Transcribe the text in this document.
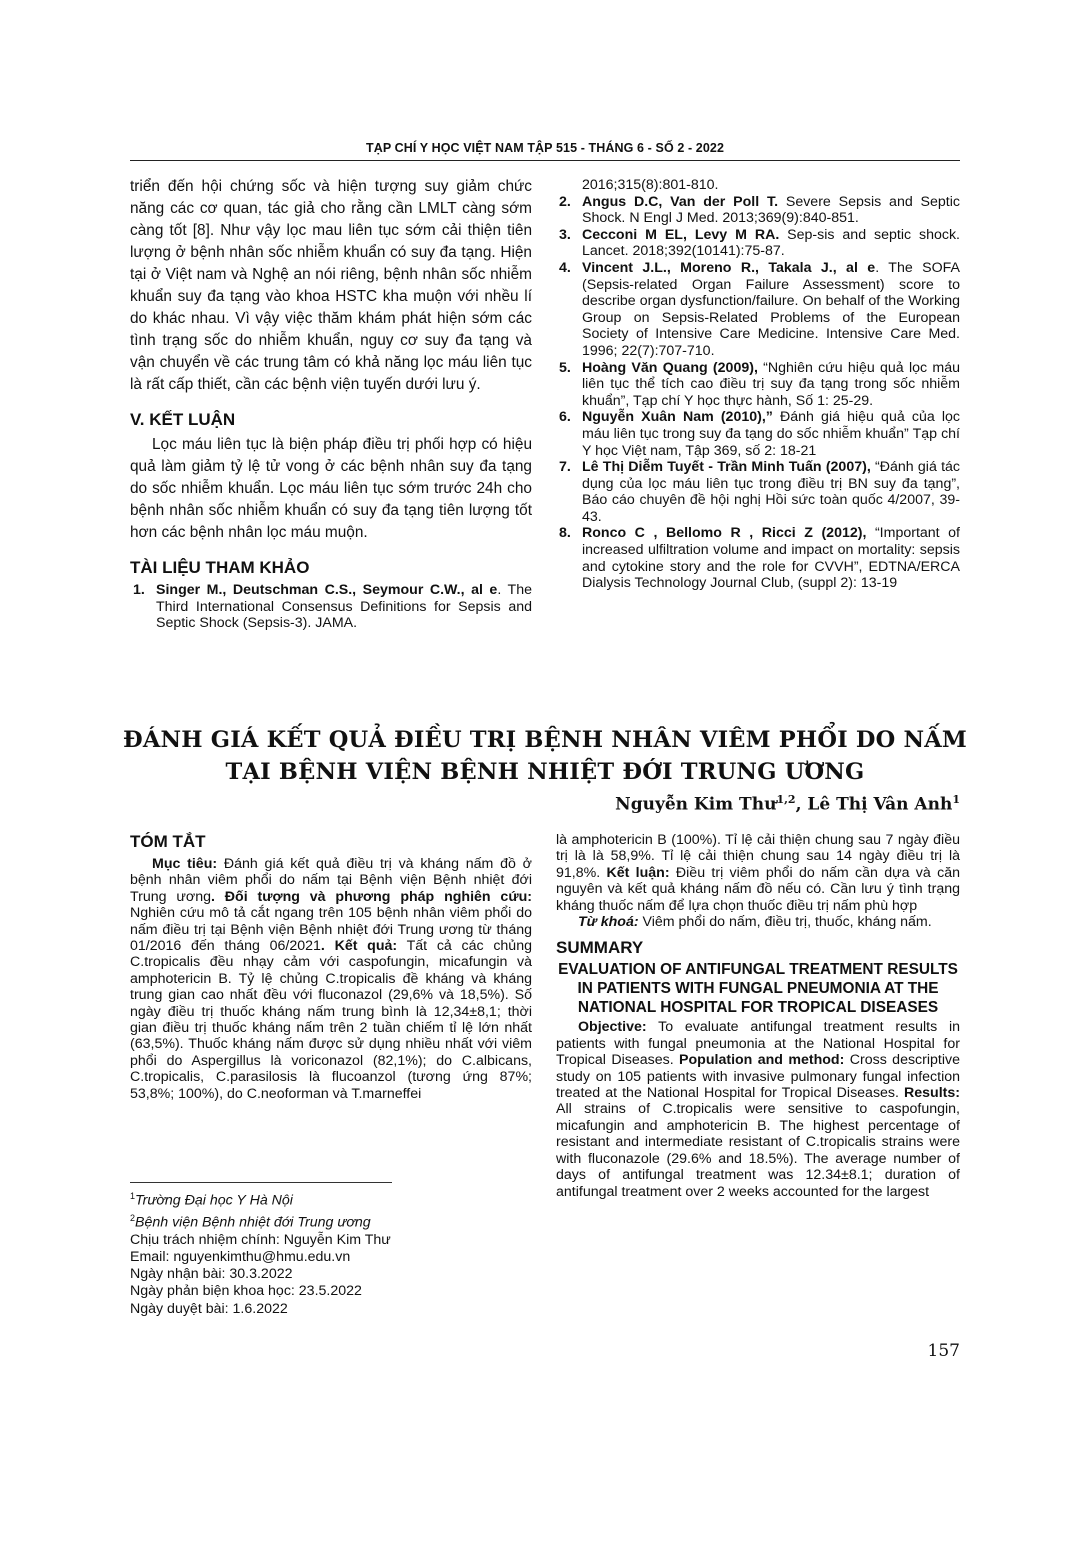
TẠP CHÍ Y HỌC VIỆT NAM TẬP 515 - THÁNG 6 - SỐ 2 - 2022

triển đến hội chứng sốc và hiện tượng suy giảm chức năng các cơ quan, tác giả cho rằng cần LMLT càng sớm càng tốt [8]. Như vậy lọc mau liên tục sớm cải thiện tiên lượng ở bệnh nhân sốc nhiễm khuẩn có suy đa tạng. Hiện tại ở Việt nam và Nghệ an nói riêng, bệnh nhân sốc nhiễm khuẩn suy đa tạng vào khoa HSTC kha muộn với nhều lí do khác nhau. Vì vậy việc thăm khám phát hiện sớm các tình trạng sốc do nhiễm khuẩn, nguy cơ suy đa tạng và vận chuyển về các trung tâm có khả năng lọc máu liên tục là rất cấp thiết, cần các bệnh viện tuyến dưới lưu ý.

V. KẾT LUẬN

Lọc máu liên tục là biện pháp điều trị phối hợp có hiệu quả làm giảm tỷ lệ tử vong ở các bệnh nhân suy đa tạng do sốc nhiễm khuẩn. Lọc máu liên tục sớm trước 24h cho bệnh nhân sốc nhiễm khuẩn có suy đa tạng tiên lượng tốt hơn các bệnh nhân lọc máu muộn.

TÀI LIỆU THAM KHẢO

1. Singer M., Deutschman C.S., Seymour C.W., al e. The Third International Consensus Definitions for Sepsis and Septic Shock (Sepsis-3). JAMA.

2016;315(8):801-810.

2. Angus D.C, Van der Poll T. Severe Sepsis and Septic Shock. N Engl J Med. 2013;369(9):840-851.
3. Cecconi M EL, Levy M RA. Sep-sis and septic shock. Lancet. 2018;392(10141):75-87.
4. Vincent J.L., Moreno R., Takala J., al e. The SOFA (Sepsis-related Organ Failure Assessment) score to describe organ dysfunction/failure. On behalf of the Working Group on Sepsis-Related Problems of the European Society of Intensive Care Medicine. Intensive Care Med. 1996; 22(7):707-710.
5. Hoàng Văn Quang (2009), “Nghiên cứu hiệu quả lọc máu liên tục thể tích cao điều trị suy đa tạng trong sốc nhiễm khuẩn”, Tạp chí Y học thực hành, Số 1: 25-29.
6. Nguyễn Xuân Nam (2010),” Đánh giá hiệu quả của lọc máu liên tục trong suy đa tạng do sốc nhiễm khuẩn” Tạp chí Y học Việt nam, Tập 369, số 2: 18-21
7. Lê Thị Diễm Tuyết - Trần Minh Tuấn (2007), “Đánh giá tác dụng của lọc máu liên tục trong điều trị BN suy đa tạng”, Báo cáo chuyên đề hội nghị Hồi sức toàn quốc 4/2007, 39-43.
8. Ronco C , Bellomo R , Ricci Z (2012), “Important of increased ulfiltration volume and impact on mortality: sepsis and cytokine story and the role for CVVH”, EDTNA/ERCA Dialysis Technology Journal Club, (suppl 2): 13-19
ĐÁNH GIÁ KẾT QUẢ ĐIỀU TRỊ BỆNH NHÂN VIÊM PHỔI DO NẤM
TẠI BỆNH VIỆN BỆNH NHIỆT ĐỚI TRUNG ƯƠNG
Nguyễn Kim Thư$^{1,2}$, Lê Thị Vân Anh$^1$

TÓM TẮT

Mục tiêu: Đánh giá kết quả điều trị và kháng nấm đồ ở bệnh nhân viêm phổi do nấm tại Bệnh viện Bệnh nhiệt đới Trung ương. Đối tượng và phương pháp nghiên cứu: Nghiên cứu mô tả cắt ngang trên 105 bệnh nhân viêm phổi do nấm điều trị tại Bệnh viện Bệnh nhiệt đới Trung ương từ tháng 01/2016 đến tháng 06/2021. Kết quả: Tất cả các chủng C.tropicalis đều nhạy cảm với caspofungin, micafungin và amphotericin B. Tỷ lệ chủng C.tropicalis đề kháng và kháng trung gian cao nhất đều với fluconazol (29,6% và 18,5%). Số ngày điều trị thuốc kháng nấm trung bình là 12,34±8,1; thời gian điều trị thuốc kháng nấm trên 2 tuần chiếm tỉ lệ lớn nhất (63,5%). Thuốc kháng nấm được sử dụng nhiều nhất với viêm phổi do Aspergillus là voriconazol (82,1%); do C.albicans, C.tropicalis, C.parasilosis là flucoanzol (tương ứng 87%; 53,8%; 100%), do C.neoforman và T.marneffei

$^1$Trường Đại học Y Hà Nội

$^2$Bệnh viện Bệnh nhiệt đới Trung ương

Chịu trách nhiệm chính: Nguyễn Kim Thư

Email: nguyenkimthu@hmu.edu.vn

Ngày nhận bài: 30.3.2022

Ngày phản biện khoa học: 23.5.2022

Ngày duyệt bài: 1.6.2022

là amphotericin B (100%). Tỉ lệ cải thiện chung sau 7 ngày điều trị là là 58,9%. Tỉ lệ cải thiện chung sau 14 ngày điều trị là 91,8%. Kết luận: Điều trị viêm phổi do nấm cần dựa và căn nguyên và kết quả kháng nấm đồ nếu có. Cần lưu ý tình trạng kháng thuốc nấm để lựa chọn thuốc điều trị nấm phù hợp

Từ khoá: Viêm phổi do nấm, điều trị, thuốc, kháng nấm.

SUMMARY

EVALUATION OF ANTIFUNGAL TREATMENT RESULTS IN PATIENTS WITH FUNGAL PNEUMONIA AT THE NATIONAL HOSPITAL FOR TROPICAL DISEASES

Objective: To evaluate antifungal treatment results in patients with fungal pneumonia at the National Hospital for Tropical Diseases. Population and method: Cross descriptive study on 105 patients with invasive pulmonary fungal infection treated at the National Hospital for Tropical Diseases. Results: All strains of C.tropicalis were sensitive to caspofungin, micafungin and amphotericin B. The highest percentage of resistant and intermediate resistant of C.tropicalis strains were with fluconazole (29.6% and 18.5%). The average number of days of antifungal treatment was 12.34±8.1; duration of antifungal treatment over 2 weeks accounted for the largest

157
